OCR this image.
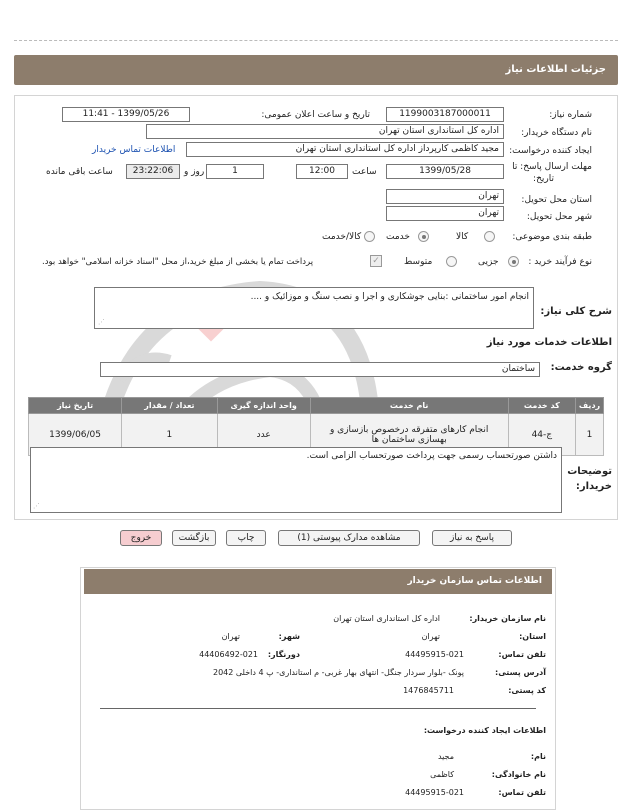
جزئیات اطلاعات نیاز
شماره نیاز:
1199003187000011
تاریخ و ساعت اعلان عمومی:
1399/05/26 - 11:41
نام دستگاه خریدار:
اداره کل استانداری استان تهران
ایجاد کننده درخواست:
مجید کاظمی کارپرداز اداره کل استانداری استان تهران
اطلاعات تماس خریدار
مهلت ارسال پاسخ: تا
تاریخ:
1399/05/28
ساعت
12:00
1
روز و
23:22:06
ساعت باقی مانده
استان محل تحویل:
تهران
شهر محل تحویل:
تهران
طبقه بندی موضوعی:
کالا
خدمت
کالا/خدمت
نوع فرآیند خرید :
جزیی
متوسط
✓
پرداخت تمام یا بخشی از مبلغ خرید،از محل "اسناد خزانه اسلامی" خواهد بود.
شرح کلی نیاز:
انجام امور ساختمانی :بنایی جوشکاری و اجرا و نصب سنگ و موزائیک و ....
⋰
اطلاعات خدمات مورد نیاز
گروه خدمت:
ساختمان
ردیف	کد خدمت	نام خدمت	واحد اندازه گیری	تعداد / مقدار	تاریخ نیاز
1	ج-44	انجام کارهای متفرقه درخصوص بازسازی و بهسازی ساختمان ها	عدد	1	1399/06/05
توضیحات
خریدار:
داشتن صورتحساب رسمی جهت پرداخت صورتحساب الزامی است.
⋰
پاسخ به نیاز
مشاهده مدارک پیوستی (1)
چاپ
بازگشت
خروج
اطلاعات تماس سازمان خریدار
نام سازمان خریدار:
اداره کل استانداری استان تهران
استان:
تهران
شهر:
تهران
تلفن تماس:
44495915-021
دورنگار:
44406492-021
آدرس پستی:
پونک -بلوار سردار جنگل- انتهای بهار غربی- م استانداری- پ 4 داخلی 2042
کد پستی:
1476845711
اطلاعات ایجاد کننده درخواست:
نام:
مجید
نام خانوادگی:
کاظمی
تلفن تماس:
44495915-021
